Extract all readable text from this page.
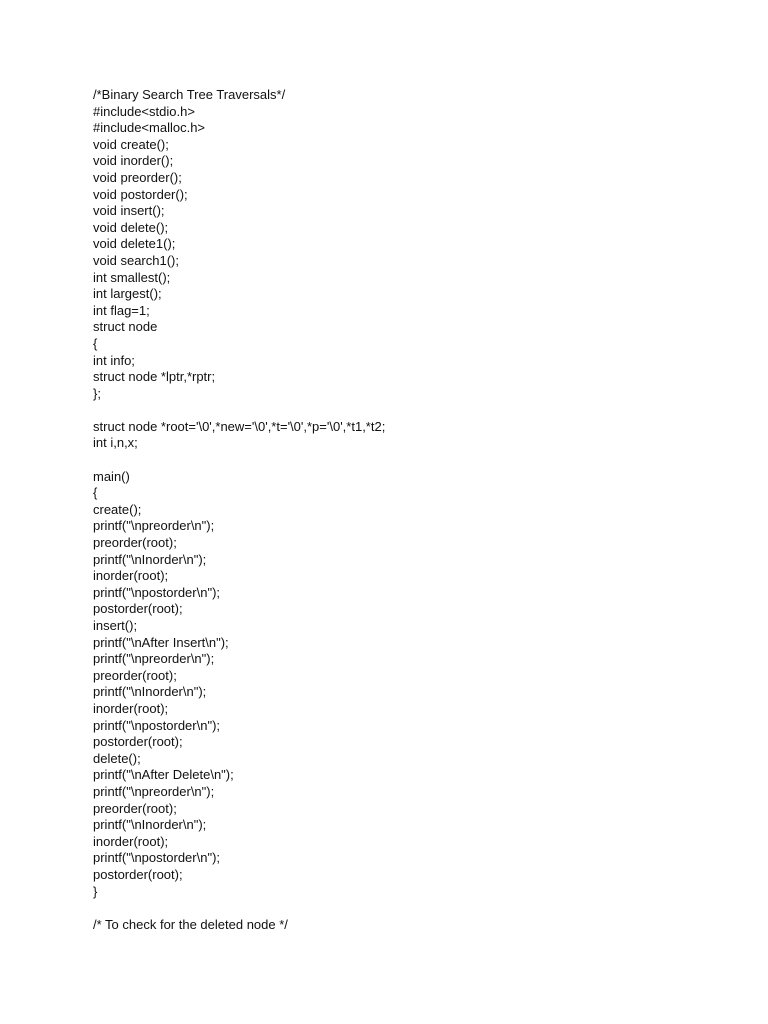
/*Binary Search Tree Traversals*/
#include<stdio.h>
#include<malloc.h>
void create();
void inorder();
void preorder();
void postorder();
void insert();
void delete();
void delete1();
void search1();
int smallest();
int largest();
int flag=1;
struct node
{
int info;
struct node *lptr,*rptr;
};
struct node *root='\0',*new='\0',*t='\0',*p='\0',*t1,*t2;
int i,n,x;
main()
{
create();
printf("\npreorder\n");
preorder(root);
printf("\nInorder\n");
inorder(root);
printf("\npostorder\n");
postorder(root);
insert();
printf("\nAfter Insert\n");
printf("\npreorder\n");
preorder(root);
printf("\nInorder\n");
inorder(root);
printf("\npostorder\n");
postorder(root);
delete();
printf("\nAfter Delete\n");
printf("\npreorder\n");
preorder(root);
printf("\nInorder\n");
inorder(root);
printf("\npostorder\n");
postorder(root);
}
/* To check for the deleted node */
